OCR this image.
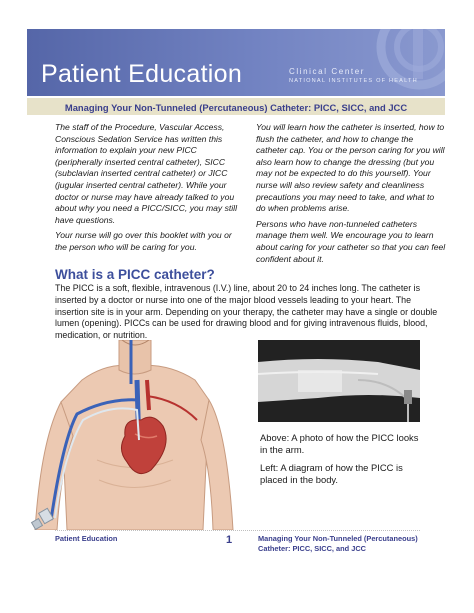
Patient Education	Clinical Center
NATIONAL INSTITUTES OF HEALTH
Managing Your Non-Tunneled (Percutaneous) Catheter: PICC, SICC, and JCC

The staff of the Procedure, Vascular Access, Conscious Sedation Service has written this information to explain your new PICC (peripherally inserted central catheter), SICC (subclavian inserted central catheter) or JICC (jugular inserted central catheter). While your doctor or nurse may have already talked to you about why you need a PICC/SICC, you may still have questions.

Your nurse will go over this booklet with you or the person who will be caring for you.

You will learn how the catheter is inserted, how to flush the catheter, and how to change the catheter cap. You or the person caring for you will also learn how to change the dressing (but you may not be expected to do this yourself). Your nurse will also review safety and cleanliness precautions you may need to take, and what to do when problems arise.

Persons who have non-tunneled catheters manage them well. We encourage you to learn about caring for your catheter so that you can feel confident about it.

What is a PICC catheter?
The PICC is a soft, flexible, intravenous (I.V.) line, about 20 to 24 inches long. The catheter is inserted by a doctor or nurse into one of the major blood vessels leading to your heart. The insertion site is in your arm. Depending on your therapy, the catheter may have a single or double lumen (opening). PICCs can be used for drawing blood and for giving intravenous fluids, blood, medication, or nutrition.
Above: A photo of how the PICC looks in the arm.
Left: A diagram of how the PICC is placed in the body.
Patient Education	1	Managing Your Non-Tunneled (Percutaneous) Catheter: PICC, SICC, and JCC
